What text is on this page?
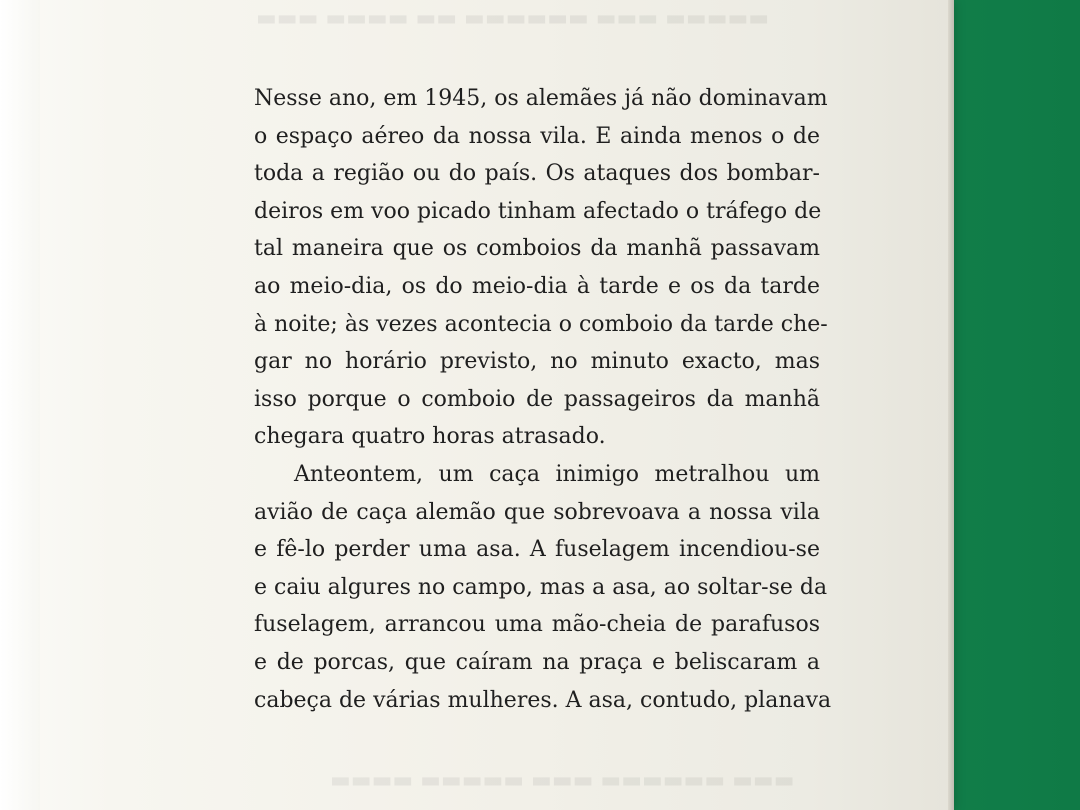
▬▬▬ ▬▬▬▬ ▬▬ ▬▬▬▬▬▬ ▬▬▬ ▬▬▬▬▬
▬▬▬▬ ▬▬▬▬▬ ▬▬▬ ▬▬▬▬▬▬ ▬▬▬
Nesse ano, em 1945, os alemães já não dominavam
o espaço aéreo da nossa vila. E ainda menos o de
toda a região ou do país. Os ataques dos bombar-
deiros em voo picado tinham afectado o tráfego de
tal maneira que os comboios da manhã passavam
ao meio-dia, os do meio-dia à tarde e os da tarde
à noite; às vezes acontecia o comboio da tarde che-
gar no horário previsto, no minuto exacto, mas
isso porque o comboio de passageiros da manhã
chegara quatro horas atrasado.
Anteontem, um caça inimigo metralhou um
avião de caça alemão que sobrevoava a nossa vila
e fê-lo perder uma asa. A fuselagem incendiou-se
e caiu algures no campo, mas a asa, ao soltar-se da
fuselagem, arrancou uma mão-cheia de parafusos
e de porcas, que caíram na praça e beliscaram a
cabeça de várias mulheres. A asa, contudo, planava
